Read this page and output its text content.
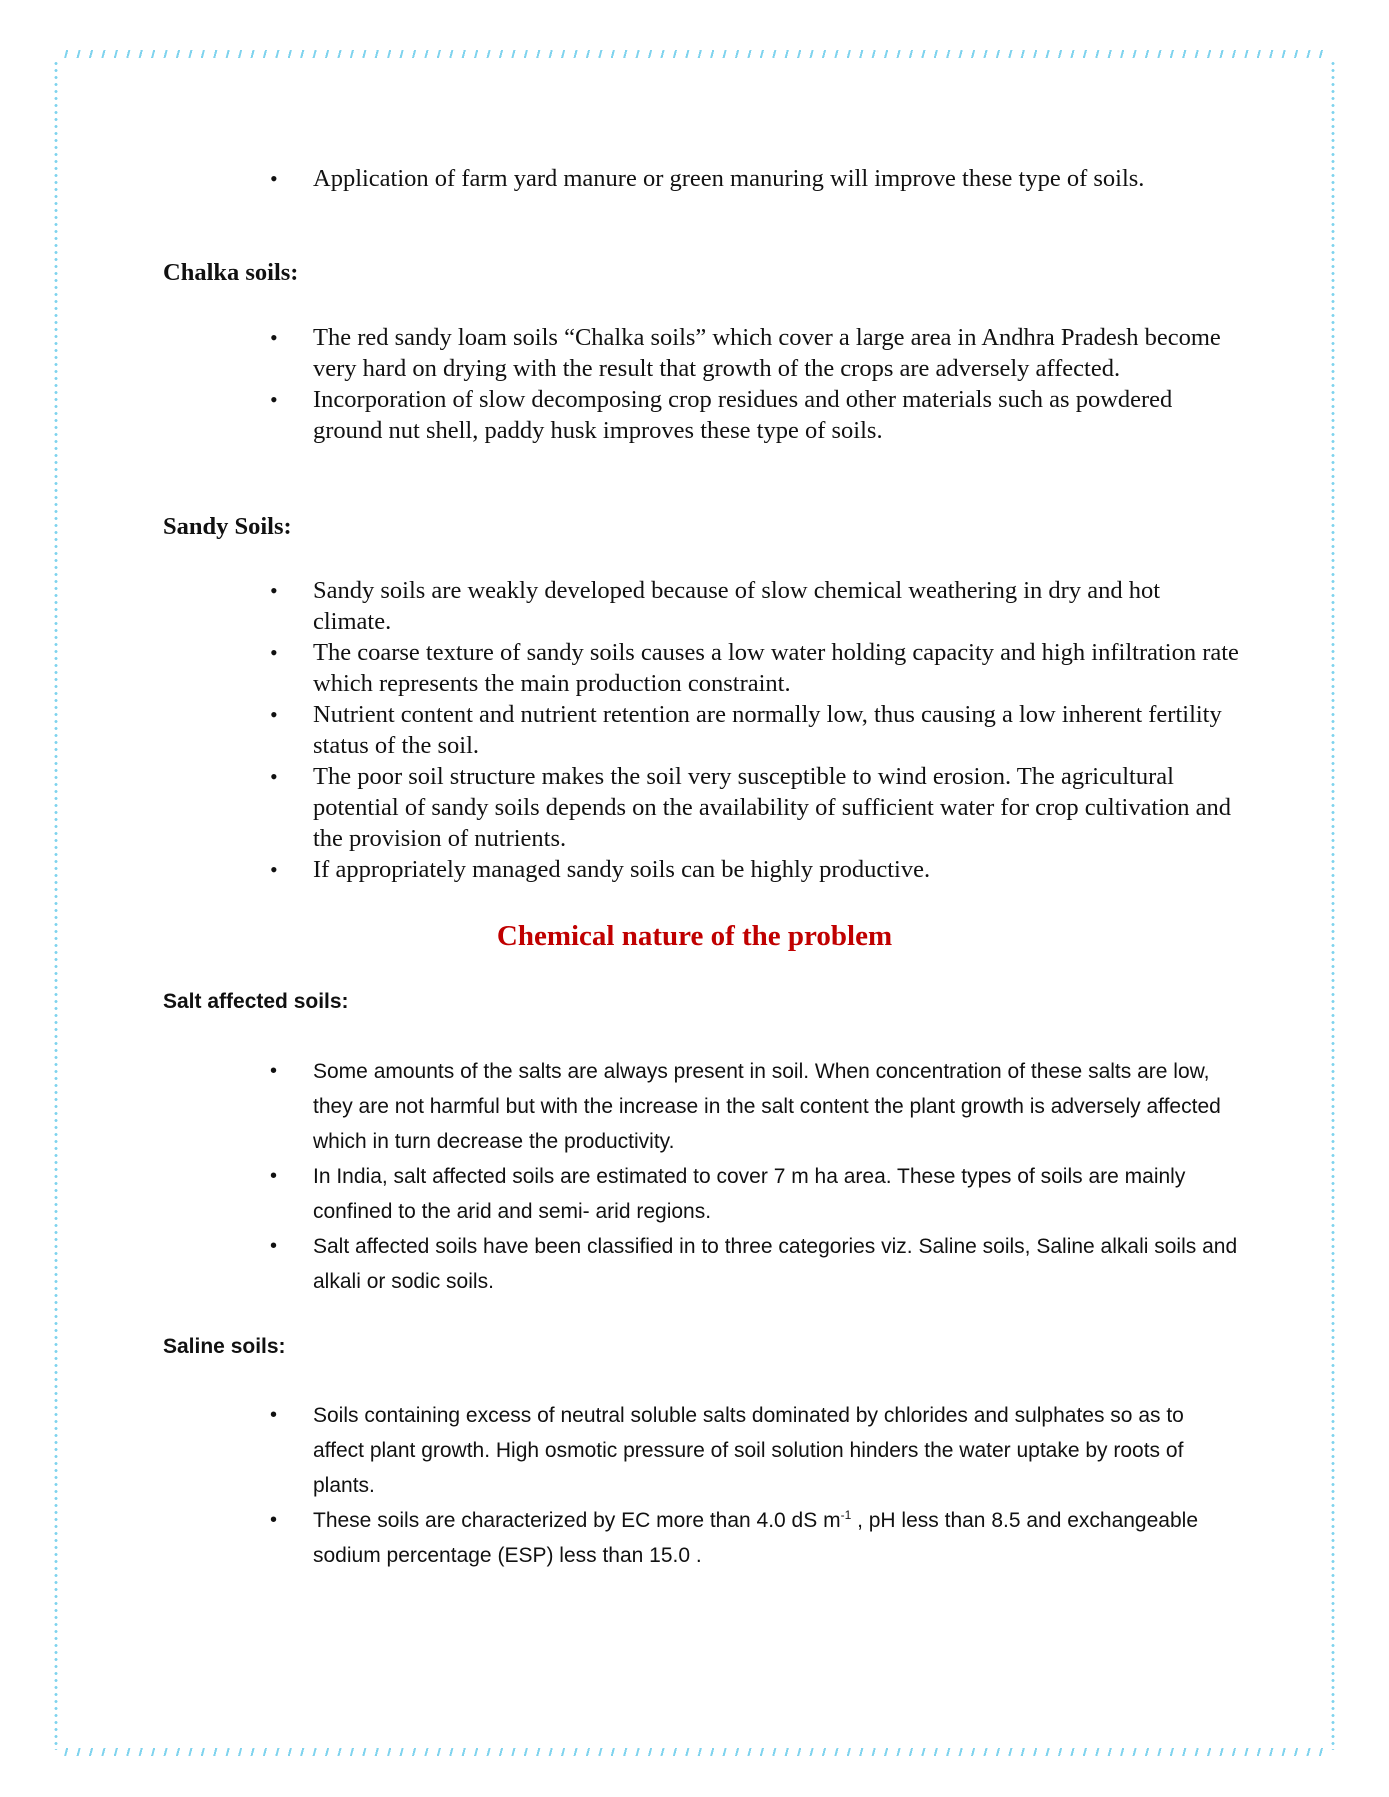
• Application of farm yard manure or green manuring will improve these type of soils.
Chalka soils:
• The red sandy loam soils “Chalka soils” which cover a large area in Andhra Pradesh become very hard on drying with the result that growth of the crops are adversely affected.
• Incorporation of slow decomposing crop residues and other materials such as powdered ground nut shell, paddy husk improves these type of soils.
Sandy Soils:
• Sandy soils are weakly developed because of slow chemical weathering in dry and hot climate.
• The coarse texture of sandy soils causes a low water holding capacity and high infiltration rate which represents the main production constraint.
• Nutrient content and nutrient retention are normally low, thus causing a low inherent fertility status of the soil.
• The poor soil structure makes the soil very susceptible to wind erosion. The agricultural potential of sandy soils depends on the availability of sufficient water for crop cultivation and the provision of nutrients.
• If appropriately managed sandy soils can be highly productive.
Chemical nature of the problem
Salt affected soils:
• Some amounts of the salts are always present in soil. When concentration of these salts are low, they are not harmful but with the increase in the salt content the plant growth is adversely affected which in turn decrease the productivity.
• In India, salt affected soils are estimated to cover 7 m ha area. These types of soils are mainly confined to the arid and semi- arid regions.
• Salt affected soils have been classified in to three categories viz. Saline soils, Saline alkali soils and alkali or sodic soils.
Saline soils:
• Soils containing excess of neutral soluble salts dominated by chlorides and sulphates so as to affect plant growth. High osmotic pressure of soil solution hinders the water uptake by roots of plants.
• These soils are characterized by EC more than 4.0 dS $m^{-1}$ , pH less than 8.5 and exchangeable sodium percentage (ESP) less than 15.0 .
